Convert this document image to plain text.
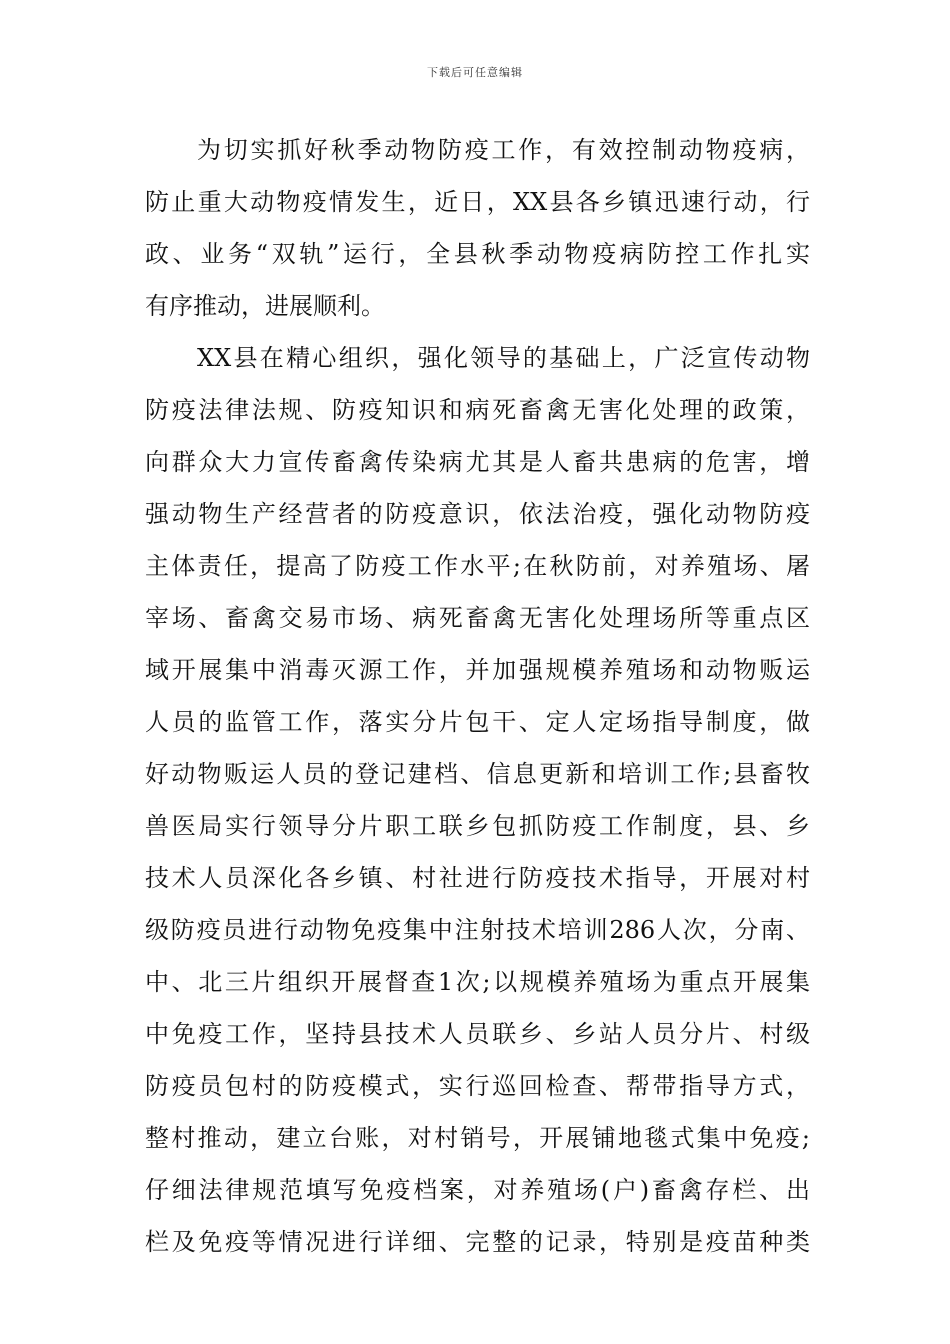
下载后可任意编辑
为切实抓好秋季动物防疫工作，有效控制动物疫病，
防止重大动物疫情发生，近日，XX县各乡镇迅速行动，行
政、业务“双轨”运行，全县秋季动物疫病防控工作扎实
有序推动，进展顺利。
XX县在精心组织，强化领导的基础上，广泛宣传动物
防疫法律法规、防疫知识和病死畜禽无害化处理的政策，
向群众大力宣传畜禽传染病尤其是人畜共患病的危害，增
强动物生产经营者的防疫意识，依法治疫，强化动物防疫
主体责任，提高了防疫工作水平;在秋防前，对养殖场、屠
宰场、畜禽交易市场、病死畜禽无害化处理场所等重点区
域开展集中消毒灭源工作，并加强规模养殖场和动物贩运
人员的监管工作，落实分片包干、定人定场指导制度，做
好动物贩运人员的登记建档、信息更新和培训工作;县畜牧
兽医局实行领导分片职工联乡包抓防疫工作制度，县、乡
技术人员深化各乡镇、村社进行防疫技术指导，开展对村
级防疫员进行动物免疫集中注射技术培训286人次，分南、
中、北三片组织开展督查1次;以规模养殖场为重点开展集
中免疫工作，坚持县技术人员联乡、乡站人员分片、村级
防疫员包村的防疫模式，实行巡回检查、帮带指导方式，
整村推动，建立台账，对村销号，开展铺地毯式集中免疫;
仔细法律规范填写免疫档案，对养殖场(户)畜禽存栏、出
栏及免疫等情况进行详细、完整的记录，特别是疫苗种类
